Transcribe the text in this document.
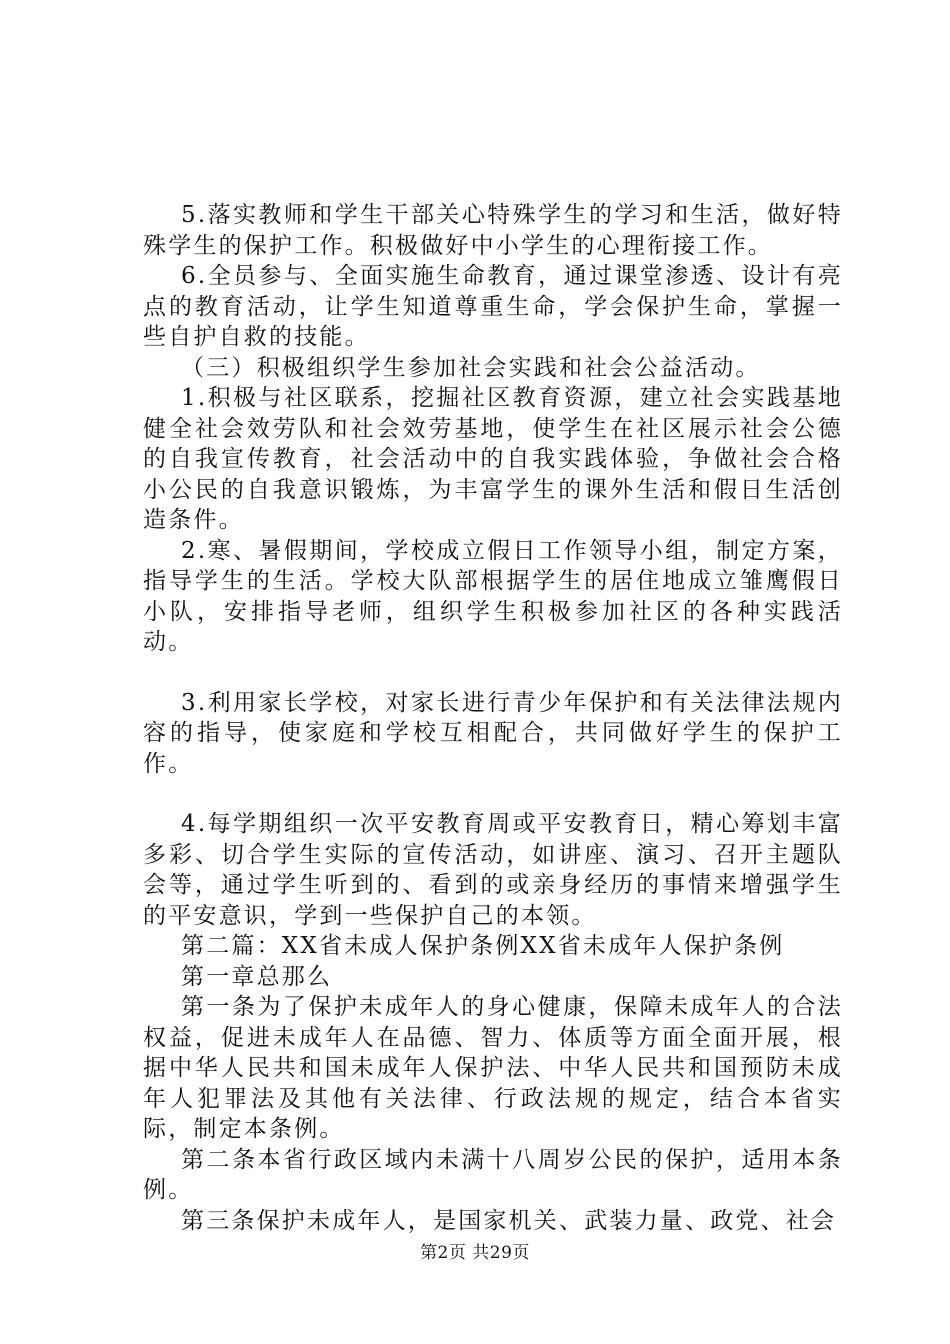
5.落实教师和学生干部关心特殊学生的学习和生活，做好特殊学生的保护工作。积极做好中小学生的心理衔接工作。

6.全员参与、全面实施生命教育，通过课堂渗透、设计有亮点的教育活动，让学生知道尊重生命，学会保护生命，掌握一些自护自救的技能。

（三）积极组织学生参加社会实践和社会公益活动。

1.积极与社区联系，挖掘社区教育资源，建立社会实践基地健全社会效劳队和社会效劳基地，使学生在社区展示社会公德的自我宣传教育，社会活动中的自我实践体验，争做社会合格小公民的自我意识锻炼，为丰富学生的课外生活和假日生活创造条件。

2.寒、暑假期间，学校成立假日工作领导小组，制定方案，指导学生的生活。学校大队部根据学生的居住地成立雏鹰假日小队，安排指导老师，组织学生积极参加社区的各种实践活动。

3.利用家长学校，对家长进行青少年保护和有关法律法规内容的指导，使家庭和学校互相配合，共同做好学生的保护工作。

4.每学期组织一次平安教育周或平安教育日，精心筹划丰富多彩、切合学生实际的宣传活动，如讲座、演习、召开主题队会等，通过学生听到的、看到的或亲身经历的事情来增强学生的平安意识，学到一些保护自己的本领。

第二篇：XX省未成人保护条例XX省未成年人保护条例

第一章总那么

第一条为了保护未成年人的身心健康，保障未成年人的合法权益，促进未成年人在品德、智力、体质等方面全面开展，根据中华人民共和国未成年人保护法、中华人民共和国预防未成年人犯罪法及其他有关法律、行政法规的规定，结合本省实际，制定本条例。

第二条本省行政区域内未满十八周岁公民的保护，适用本条例。

第三条保护未成年人，是国家机关、武装力量、政党、社会

第2页 共29页
